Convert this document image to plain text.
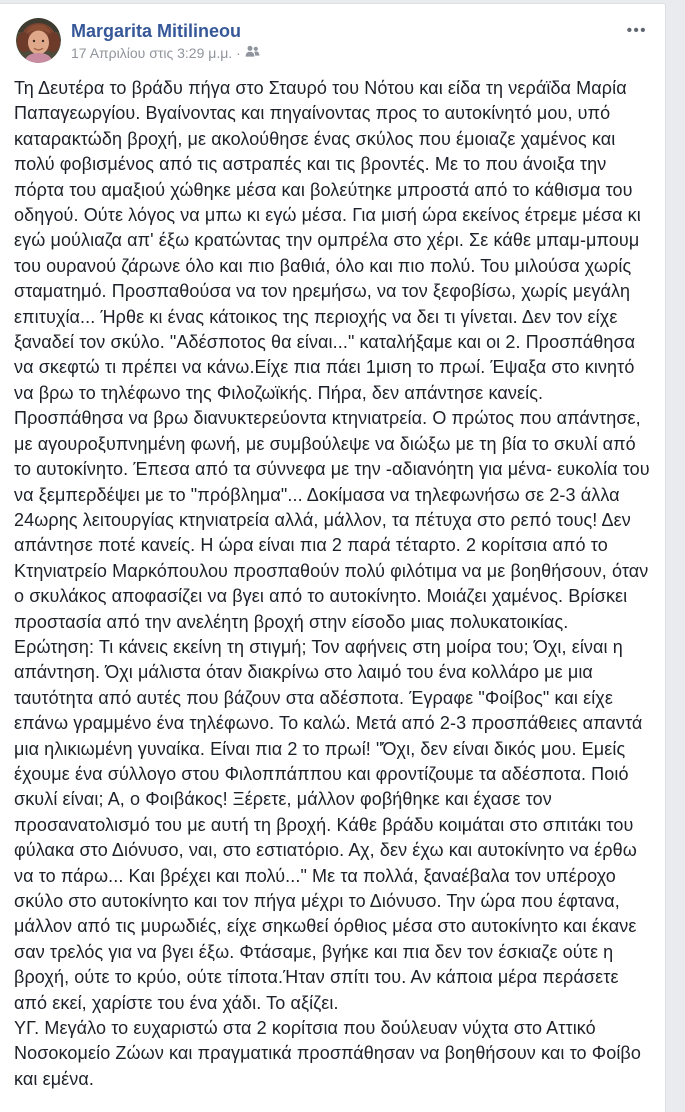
Margarita Mitilineou
17 Απριλίου στις 3:29 μ.μ. ·
•••

Τη Δευτέρα το βράδυ πήγα στο Σταυρό του Νότου και είδα τη νεράϊδα Μαρία Παπαγεωργίου. Βγαίνοντας και πηγαίνοντας προς το αυτοκίνητό μου, υπό καταρακτώδη βροχή, με ακολούθησε ένας σκύλος που έμοιαζε χαμένος και πολύ φοβισμένος από τις αστραπές και τις βροντές. Με το που άνοιξα την πόρτα του αμαξιού χώθηκε μέσα και βολεύτηκε μπροστά από το κάθισμα του οδηγού. Ούτε λόγος να μπω κι εγώ μέσα. Για μισή ώρα εκείνος έτρεμε μέσα κι εγώ μούλιαζα απ' έξω κρατώντας την ομπρέλα στο χέρι. Σε κάθε μπαμ-μπουμ του ουρανού ζάρωνε όλο και πιο βαθιά, όλο και πιο πολύ. Του μιλούσα χωρίς σταματημό. Προσπαθούσα να τον ηρεμήσω, να τον ξεφοβίσω, χωρίς μεγάλη επιτυχία... Ήρθε κι ένας κάτοικος της περιοχής να δει τι γίνεται. Δεν τον είχε ξαναδεί τον σκύλο. "Αδέσποτος θα είναι..." καταλήξαμε και οι 2. Προσπάθησα να σκεφτώ τι πρέπει να κάνω.Είχε πια πάει 1μιση το πρωί. Έψαξα στο κινητό να βρω το τηλέφωνο της Φιλοζωϊκής. Πήρα, δεν απάντησε κανείς. Προσπάθησα να βρω διανυκτερεύοντα κτηνιατρεία. Ο πρώτος που απάντησε, με αγουροξυπνημένη φωνή, με συμβούλεψε να διώξω με τη βία το σκυλί από το αυτοκίνητο. Έπεσα από τα σύννεφα με την -αδιανόητη για μένα- ευκολία του να ξεμπερδέψει με το "πρόβλημα"... Δοκίμασα να τηλεφωνήσω σε 2-3 άλλα 24ωρης λειτουργίας κτηνιατρεία αλλά, μάλλον, τα πέτυχα στο ρεπό τους! Δεν απάντησε ποτέ κανείς. Η ώρα είναι πια 2 παρά τέταρτο. 2 κορίτσια από το Κτηνιατρείο Μαρκόπουλου προσπαθούν πολύ φιλότιμα να με βοηθήσουν, όταν ο σκυλάκος αποφασίζει να βγει από το αυτοκίνητο. Μοιάζει χαμένος. Βρίσκει προστασία από την ανελέητη βροχή στην είσοδο μιας πολυκατοικίας. Ερώτηση: Τι κάνεις εκείνη τη στιγμή; Τον αφήνεις στη μοίρα του; Όχι, είναι η απάντηση. Όχι μάλιστα όταν διακρίνω στο λαιμό του ένα κολλάρο με μια ταυτότητα από αυτές που βάζουν στα αδέσποτα. Έγραφε "Φοίβος" και είχε επάνω γραμμένο ένα τηλέφωνο. Το καλώ. Μετά από 2-3 προσπάθειες απαντά μια ηλικιωμένη γυναίκα. Είναι πια 2 το πρωί! "Όχι, δεν είναι δικός μου. Εμείς έχουμε ένα σύλλογο στου Φιλοππάππου και φροντίζουμε τα αδέσποτα. Ποιό σκυλί είναι; Α, ο Φοιβάκος! Ξέρετε, μάλλον φοβήθηκε και έχασε τον προσανατολισμό του με αυτή τη βροχή. Κάθε βράδυ κοιμάται στο σπιτάκι του φύλακα στο Διόνυσο, ναι, στο εστιατόριο. Αχ, δεν έχω και αυτοκίνητο να έρθω να το πάρω... Και βρέχει και πολύ..." Με τα πολλά, ξαναέβαλα τον υπέροχο σκύλο στο αυτοκίνητο και τον πήγα μέχρι το Διόνυσο. Την ώρα που έφτανα, μάλλον από τις μυρωδιές, είχε σηκωθεί όρθιος μέσα στο αυτοκίνητο και έκανε σαν τρελός για να βγει έξω. Φτάσαμε, βγήκε και πια δεν τον έσκιαζε ούτε η βροχή, ούτε το κρύο, ούτε τίποτα.Ήταν σπίτι του. Αν κάποια μέρα περάσετε από εκεί, χαρίστε του ένα χάδι. Το αξίζει.

ΥΓ. Μεγάλο το ευχαριστώ στα 2 κορίτσια που δούλευαν νύχτα στο Αττικό Νοσοκομείο Ζώων και πραγματικά προσπάθησαν να βοηθήσουν και το Φοίβο και εμένα.
